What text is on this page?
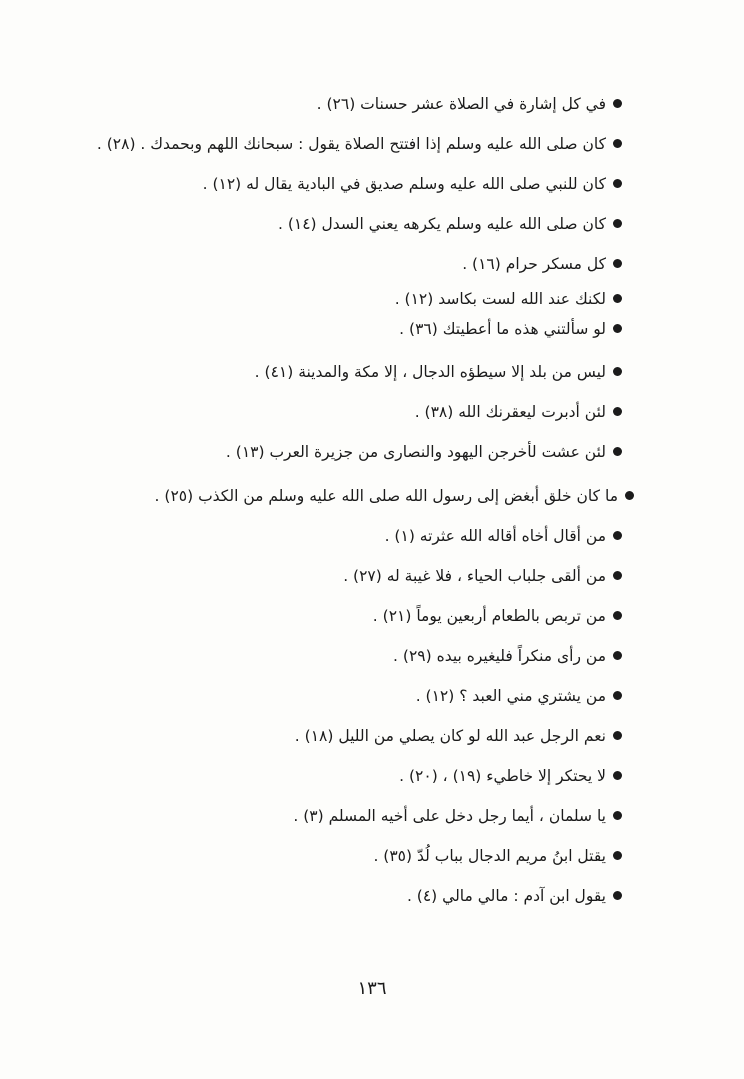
في كل إشارة في الصلاة عشر حسنات (٢٦) .
كان صلى الله عليه وسلم إذا افتتح الصلاة يقول : سبحانك اللهم وبحمدك . (٢٨) .
كان للنبي صلى الله عليه وسلم صديق في البادية يقال له (١٢) .
كان صلى الله عليه وسلم يكرهه يعني السدل (١٤) .
كل مسكر حرام (١٦) .
لكنك عند الله لست بكاسد (١٢) .
لو سألتني هذه ما أعطيتك (٣٦) .
ليس من بلد إلا سيطؤه الدجال ، إلا مكة والمدينة (٤١) .
لئن أدبرت ليعقرنك الله (٣٨) .
لئن عشت لأخرجن اليهود والنصارى من جزيرة العرب (١٣) .
ما كان خلق أبغض إلى رسول الله صلى الله عليه وسلم من الكذب (٢٥) .
من أقال أخاه أقاله الله عثرته (١) .
من ألقى جلباب الحياء ، فلا غيبة له (٢٧) .
من تربص بالطعام أربعين يوماً (٢١) .
من رأى منكراً فليغيره بيده (٢٩) .
من يشتري مني العبد ؟ (١٢) .
نعم الرجل عبد الله لو كان يصلي من الليل (١٨) .
لا يحتكر إلا خاطيء (١٩) ، (٢٠) .
يا سلمان ، أيما رجل دخل على أخيه المسلم (٣) .
يقتل ابنُ مريم الدجال بباب لُدّ (٣٥) .
يقول ابن آدم : مالي مالي (٤) .
١٣٦
